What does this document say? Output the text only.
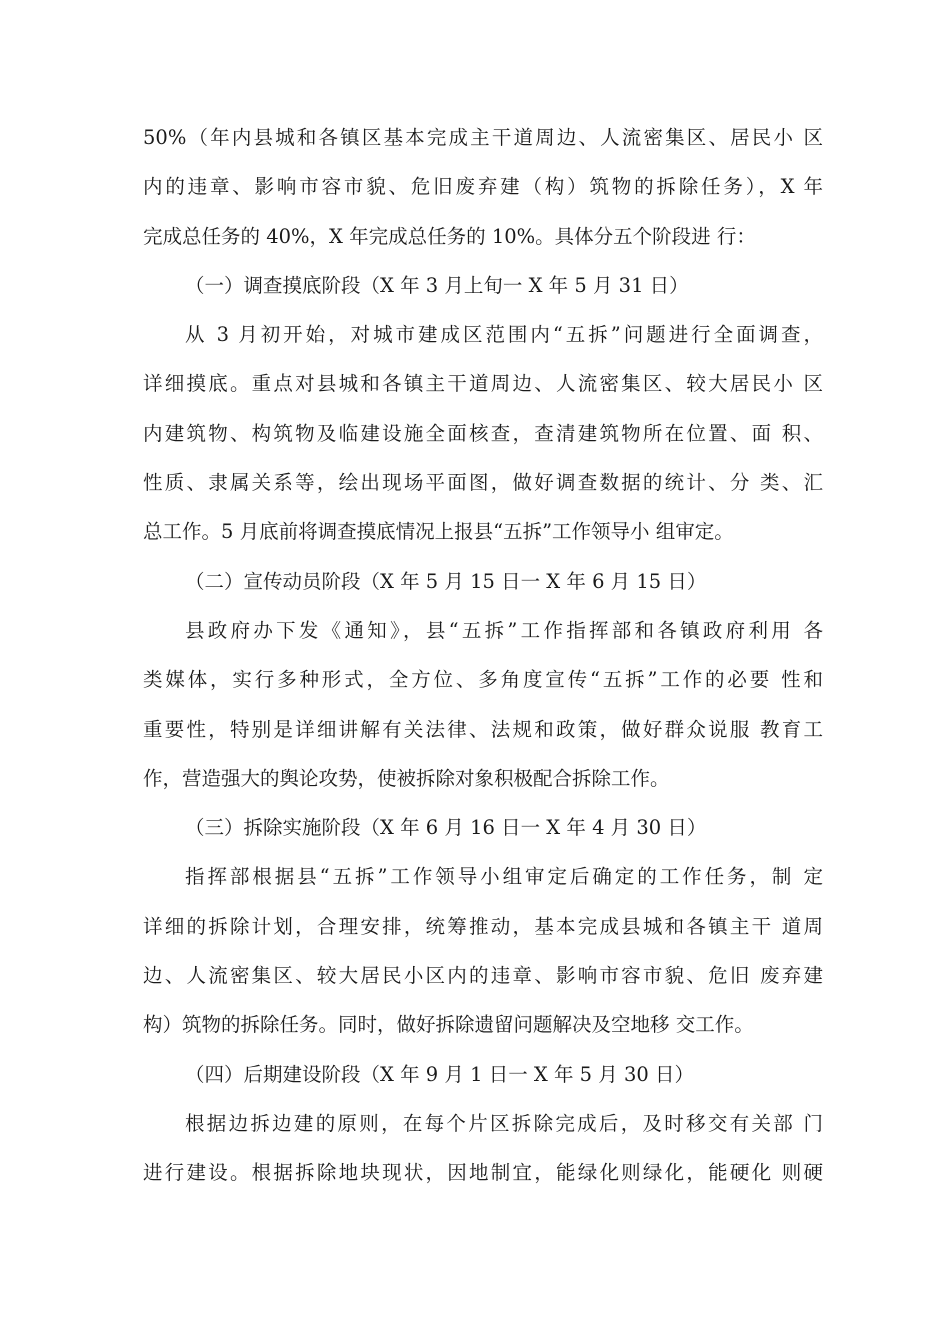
50%（年内县城和各镇区基本完成主干道周边、人流密集区、居民小 区
内的违章、影响市容市貌、危旧废弃建（构）筑物的拆除任务），X 年
完成总任务的 40%，X 年完成总任务的 10%。具体分五个阶段进 行：
（一）调查摸底阶段（X 年 3 月上旬一 X 年 5 月 31 日）
从 3 月初开始，对城市建成区范围内“五拆”问题进行全面调查，
详细摸底。重点对县城和各镇主干道周边、人流密集区、较大居民小 区
内建筑物、构筑物及临建设施全面核查，查清建筑物所在位置、面 积、
性质、隶属关系等，绘出现场平面图，做好调查数据的统计、分 类、汇
总工作。5 月底前将调查摸底情况上报县“五拆”工作领导小 组审定。
（二）宣传动员阶段（X 年 5 月 15 日一 X 年 6 月 15 日）
县政府办下发《通知》，县“五拆”工作指挥部和各镇政府利用 各
类媒体，实行多种形式，全方位、多角度宣传“五拆”工作的必要 性和
重要性，特别是详细讲解有关法律、法规和政策，做好群众说服 教育工
作，营造强大的舆论攻势，使被拆除对象积极配合拆除工作。
（三）拆除实施阶段（X 年 6 月 16 日一 X 年 4 月 30 日）
指挥部根据县“五拆”工作领导小组审定后确定的工作任务，制 定
详细的拆除计划，合理安排，统筹推动，基本完成县城和各镇主干 道周
边、人流密集区、较大居民小区内的违章、影响市容市貌、危旧 废弃建
构）筑物的拆除任务。同时，做好拆除遗留问题解决及空地移 交工作。
（四）后期建设阶段（X 年 9 月 1 日一 X 年 5 月 30 日）
根据边拆边建的原则，在每个片区拆除完成后，及时移交有关部 门
进行建设。根据拆除地块现状，因地制宜，能绿化则绿化，能硬化 则硬
